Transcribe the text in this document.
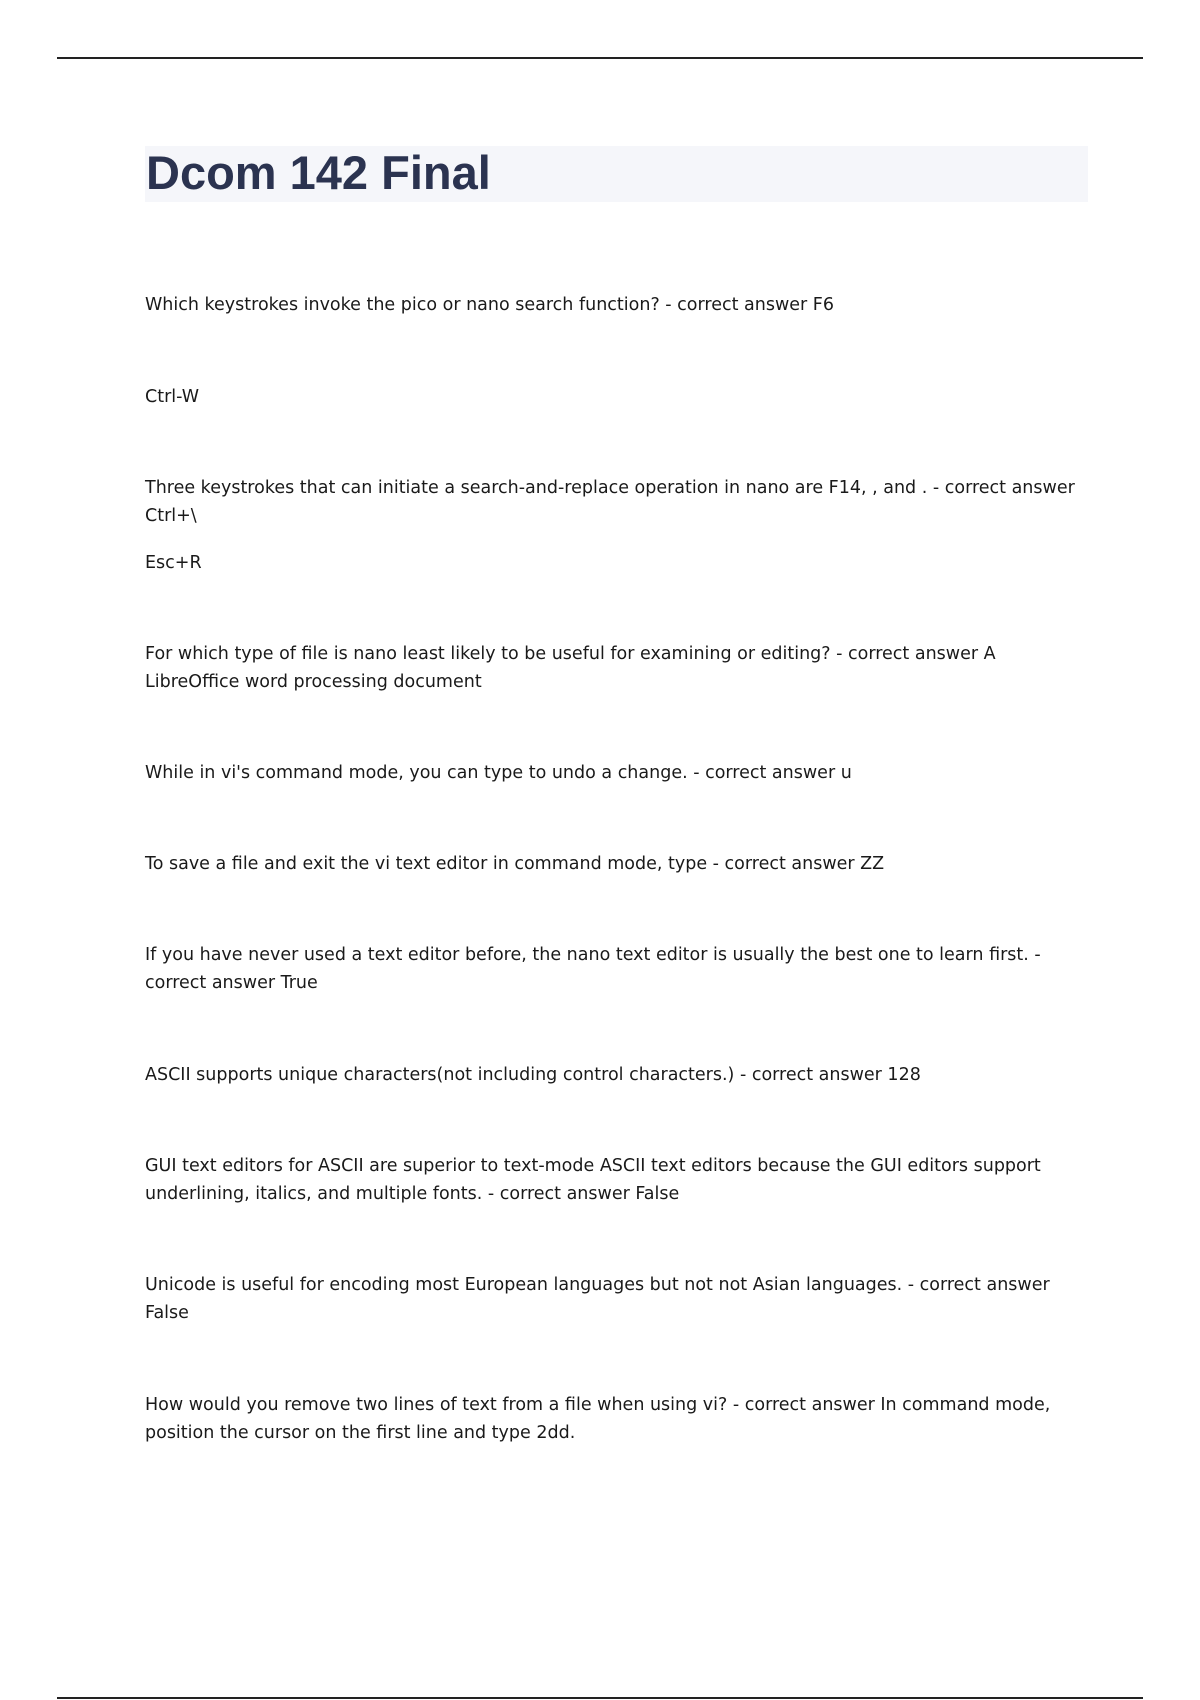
Dcom 142 Final

Which keystrokes invoke the pico or nano search function? - correct answer F6

Ctrl-W

Three keystrokes that can initiate a search-and-replace operation in nano are F14, , and . - correct answer Ctrl+\

Esc+R

For which type of file is nano least likely to be useful for examining or editing? - correct answer A LibreOffice word processing document

While in vi's command mode, you can type to undo a change. - correct answer u

To save a file and exit the vi text editor in command mode, type - correct answer ZZ

If you have never used a text editor before, the nano text editor is usually the best one to learn first. - correct answer True

ASCII supports unique characters(not including control characters.) - correct answer 128

GUI text editors for ASCII are superior to text-mode ASCII text editors because the GUI editors support underlining, italics, and multiple fonts. - correct answer False

Unicode is useful for encoding most European languages but not not Asian languages. - correct answer False

How would you remove two lines of text from a file when using vi? - correct answer In command mode, position the cursor on the first line and type 2dd.
